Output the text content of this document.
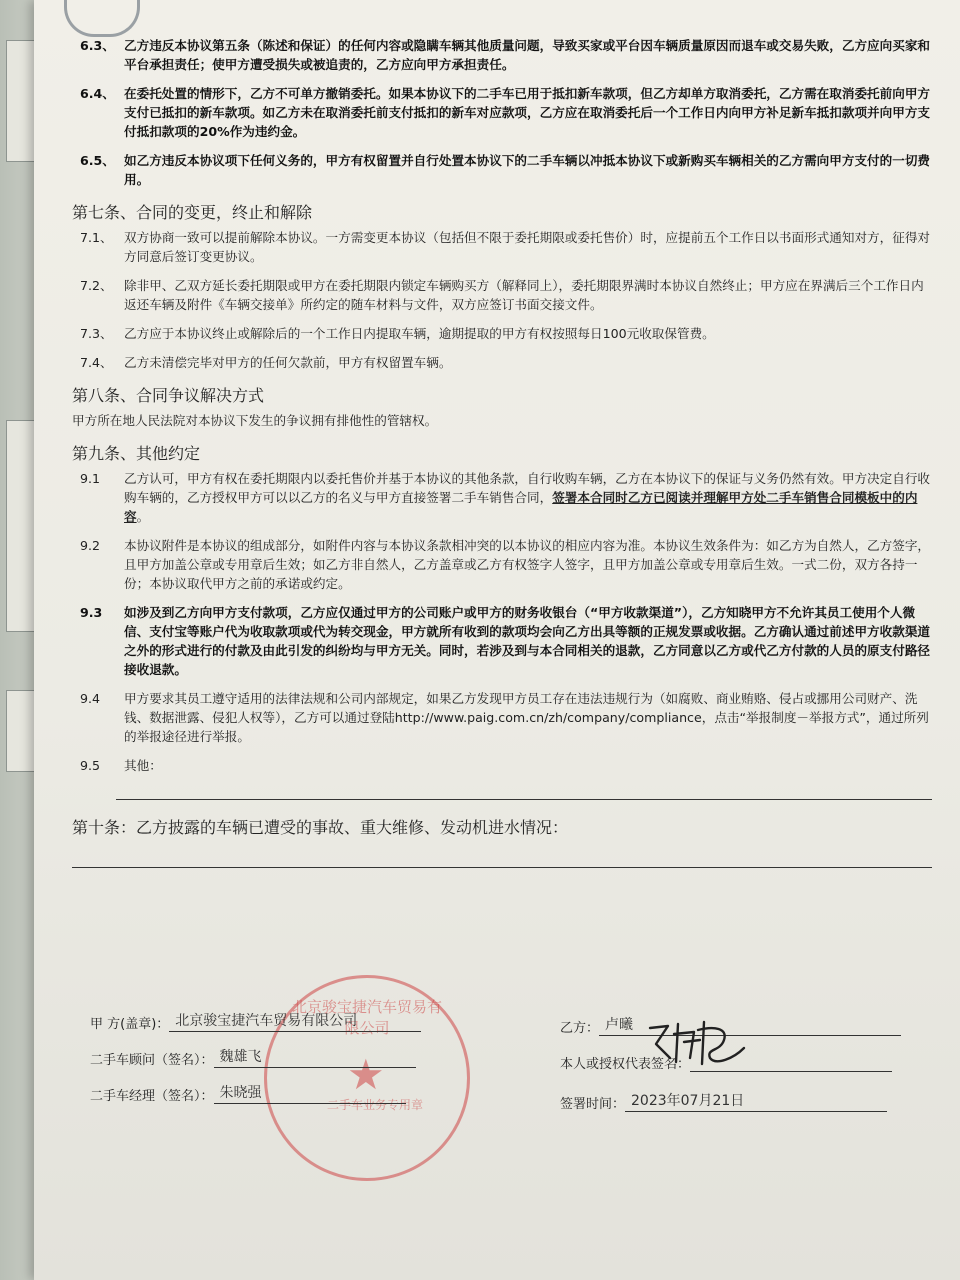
6.3、 乙方违反本协议第五条（陈述和保证）的任何内容或隐瞒车辆其他质量问题，导致买家或平台因车辆质量原因而退车或交易失败，乙方应向买家和平台承担责任；使甲方遭受损失或被追责的，乙方应向甲方承担责任。
6.4、 在委托处置的情形下，乙方不可单方撤销委托。如果本协议下的二手车已用于抵扣新车款项，但乙方却单方取消委托，乙方需在取消委托前向甲方支付已抵扣的新车款项。如乙方未在取消委托前支付抵扣的新车对应款项，乙方应在取消委托后一个工作日内向甲方补足新车抵扣款项并向甲方支付抵扣款项的20%作为违约金。
6.5、 如乙方违反本协议项下任何义务的，甲方有权留置并自行处置本协议下的二手车辆以冲抵本协议下或新购买车辆相关的乙方需向甲方支付的一切费用。
第七条、合同的变更，终止和解除
7.1、 双方协商一致可以提前解除本协议。一方需变更本协议（包括但不限于委托期限或委托售价）时，应提前五个工作日以书面形式通知对方，征得对方同意后签订变更协议。
7.2、 除非甲、乙双方延长委托期限或甲方在委托期限内锁定车辆购买方（解释同上），委托期限界满时本协议自然终止；甲方应在界满后三个工作日内返还车辆及附件《车辆交接单》所约定的随车材料与文件，双方应签订书面交接文件。
7.3、 乙方应于本协议终止或解除后的一个工作日内提取车辆，逾期提取的甲方有权按照每日100元收取保管费。
7.4、 乙方未清偿完毕对甲方的任何欠款前，甲方有权留置车辆。
第八条、合同争议解决方式
甲方所在地人民法院对本协议下发生的争议拥有排他性的管辖权。
第九条、其他约定
9.1	乙方认可，甲方有权在委托期限内以委托售价并基于本协议的其他条款，自行收购车辆，乙方在本协议下的保证与义务仍然有效。甲方决定自行收购车辆的，乙方授权甲方可以以乙方的名义与甲方直接签署二手车销售合同，签署本合同时乙方已阅读并理解甲方处二手车销售合同模板中的内容。
9.2	本协议附件是本协议的组成部分，如附件内容与本协议条款相冲突的以本协议的相应内容为准。本协议生效条件为：如乙方为自然人，乙方签字，且甲方加盖公章或专用章后生效；如乙方非自然人，乙方盖章或乙方有权签字人签字，且甲方加盖公章或专用章后生效。一式二份，双方各持一份；本协议取代甲方之前的承诺或约定。
9.3	如涉及到乙方向甲方支付款项，乙方应仅通过甲方的公司账户或甲方的财务收银台（“甲方收款渠道”），乙方知晓甲方不允许其员工使用个人微信、支付宝等账户代为收取款项或代为转交现金，甲方就所有收到的款项均会向乙方出具等额的正规发票或收据。乙方确认通过前述甲方收款渠道之外的形式进行的付款及由此引发的纠纷均与甲方无关。同时，若涉及到与本合同相关的退款，乙方同意以乙方或代乙方付款的人员的原支付路径接收退款。
9.4	甲方要求其员工遵守适用的法律法规和公司内部规定，如果乙方发现甲方员工存在违法违规行为（如腐败、商业贿赂、侵占或挪用公司财产、洗钱、数据泄露、侵犯人权等），乙方可以通过登陆http://www.paig.com.cn/zh/company/compliance，点击“举报制度－举报方式”，通过所列的举报途径进行举报。
9.5	其他：
第十条：乙方披露的车辆已遭受的事故、重大维修、发动机进水情况：
北京骏宝捷汽车贸易有限公司
★
二手车业务专用章
甲 方(盖章)： 北京骏宝捷汽车贸易有限公司
二手车顾问（签名）： 魏雄飞
二手车经理（签名）： 朱晓强
乙方： 卢曦
本人或授权代表签名：
签署时间： 2023年07月21日
